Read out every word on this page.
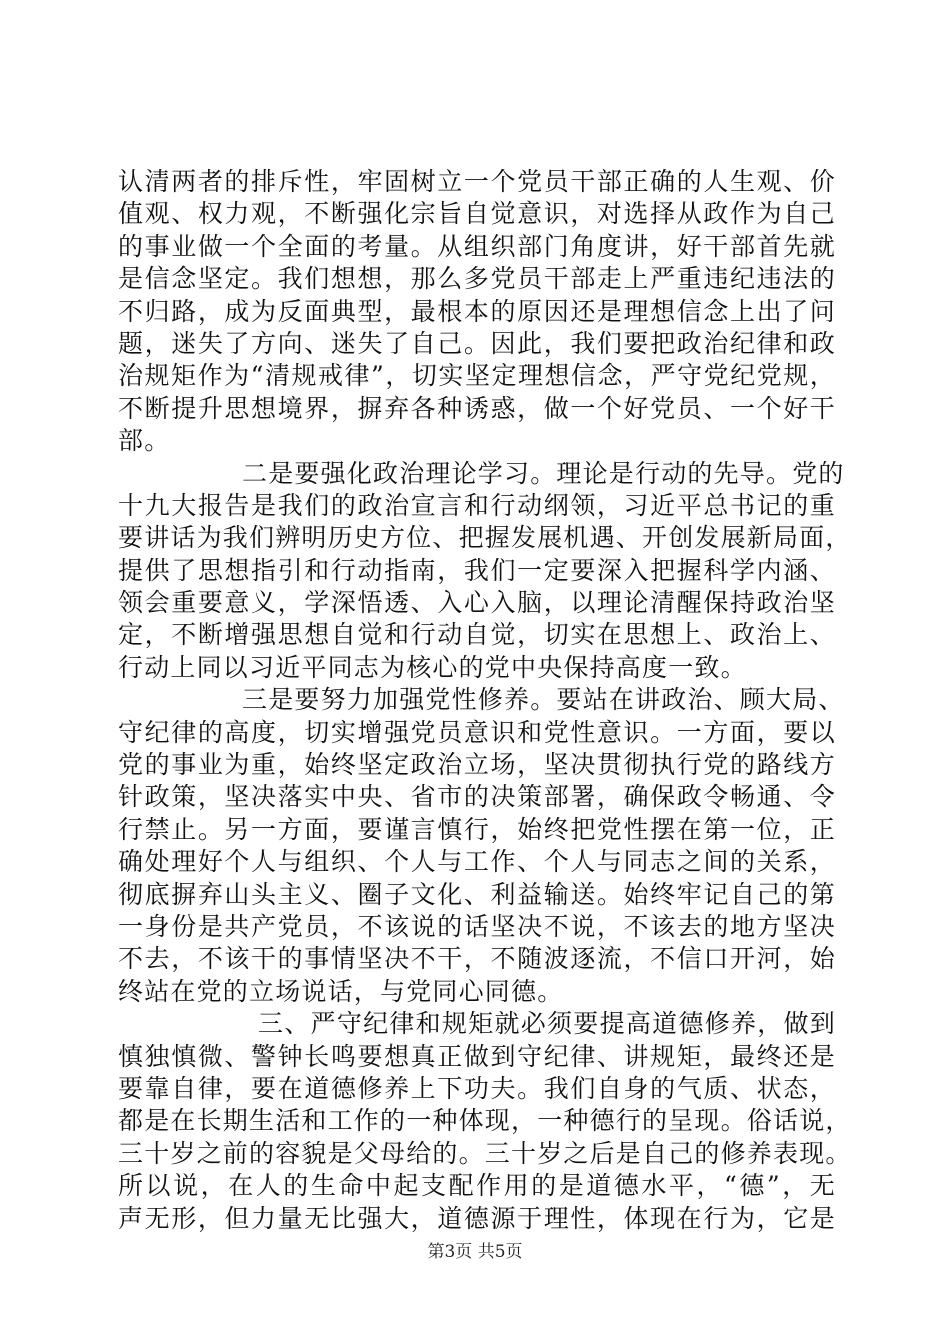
认清两者的排斥性，牢固树立一个党员干部正确的人生观、价
值观、权力观，不断强化宗旨自觉意识，对选择从政作为自己
的事业做一个全面的考量。从组织部门角度讲，好干部首先就
是信念坚定。我们想想，那么多党员干部走上严重违纪违法的
不归路，成为反面典型，最根本的原因还是理想信念上出了问
题，迷失了方向、迷失了自己。因此，我们要把政治纪律和政
治规矩作为“清规戒律”，切实坚定理想信念，严守党纪党规，
不断提升思想境界，摒弃各种诱惑，做一个好党员、一个好干
部。
二是要强化政治理论学习。理论是行动的先导。党的
十九大报告是我们的政治宣言和行动纲领，习近平总书记的重
要讲话为我们辨明历史方位、把握发展机遇、开创发展新局面，
提供了思想指引和行动指南，我们一定要深入把握科学内涵、
领会重要意义，学深悟透、入心入脑，以理论清醒保持政治坚
定，不断增强思想自觉和行动自觉，切实在思想上、政治上、
行动上同以习近平同志为核心的党中央保持高度一致。
三是要努力加强党性修养。要站在讲政治、顾大局、
守纪律的高度，切实增强党员意识和党性意识。一方面，要以
党的事业为重，始终坚定政治立场，坚决贯彻执行党的路线方
针政策，坚决落实中央、省市的决策部署，确保政令畅通、令
行禁止。另一方面，要谨言慎行，始终把党性摆在第一位，正
确处理好个人与组织、个人与工作、个人与同志之间的关系，
彻底摒弃山头主义、圈子文化、利益输送。始终牢记自己的第
一身份是共产党员，不该说的话坚决不说，不该去的地方坚决
不去，不该干的事情坚决不干，不随波逐流，不信口开河，始
终站在党的立场说话，与党同心同德。
三、严守纪律和规矩就必须要提高道德修养，做到
慎独慎微、警钟长鸣要想真正做到守纪律、讲规矩，最终还是
要靠自律，要在道德修养上下功夫。我们自身的气质、状态，
都是在长期生活和工作的一种体现，一种德行的呈现。俗话说，
三十岁之前的容貌是父母给的。三十岁之后是自己的修养表现。
所以说，在人的生命中起支配作用的是道德水平，“德”，无
声无形，但力量无比强大，道德源于理性，体现在行为，它是
第3页 共5页
